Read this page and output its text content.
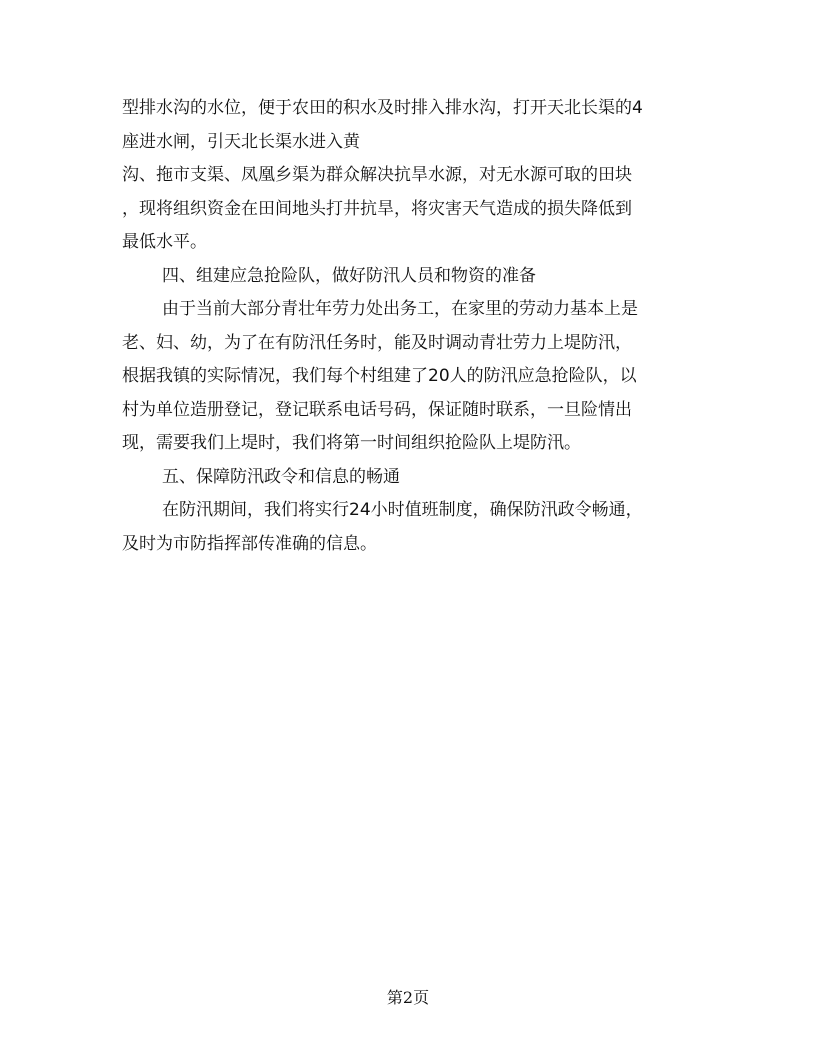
型排水沟的水位，便于农田的积水及时排入排水沟，打开天北长渠的4
座进水闸，引天北长渠水进入黄
沟、拖市支渠、凤凰乡渠为群众解决抗旱水源，对无水源可取的田块
，现将组织资金在田间地头打井抗旱，将灾害天气造成的损失降低到
最低水平。
四、组建应急抢险队，做好防汛人员和物资的准备
由于当前大部分青壮年劳力处出务工，在家里的劳动力基本上是
老、妇、幼，为了在有防汛任务时，能及时调动青壮劳力上堤防汛，
根据我镇的实际情况，我们每个村组建了20人的防汛应急抢险队，以
村为单位造册登记，登记联系电话号码，保证随时联系，一旦险情出
现，需要我们上堤时，我们将第一时间组织抢险队上堤防汛。
五、保障防汛政令和信息的畅通
在防汛期间，我们将实行24小时值班制度，确保防汛政令畅通，
及时为市防指挥部传准确的信息。
第2页
